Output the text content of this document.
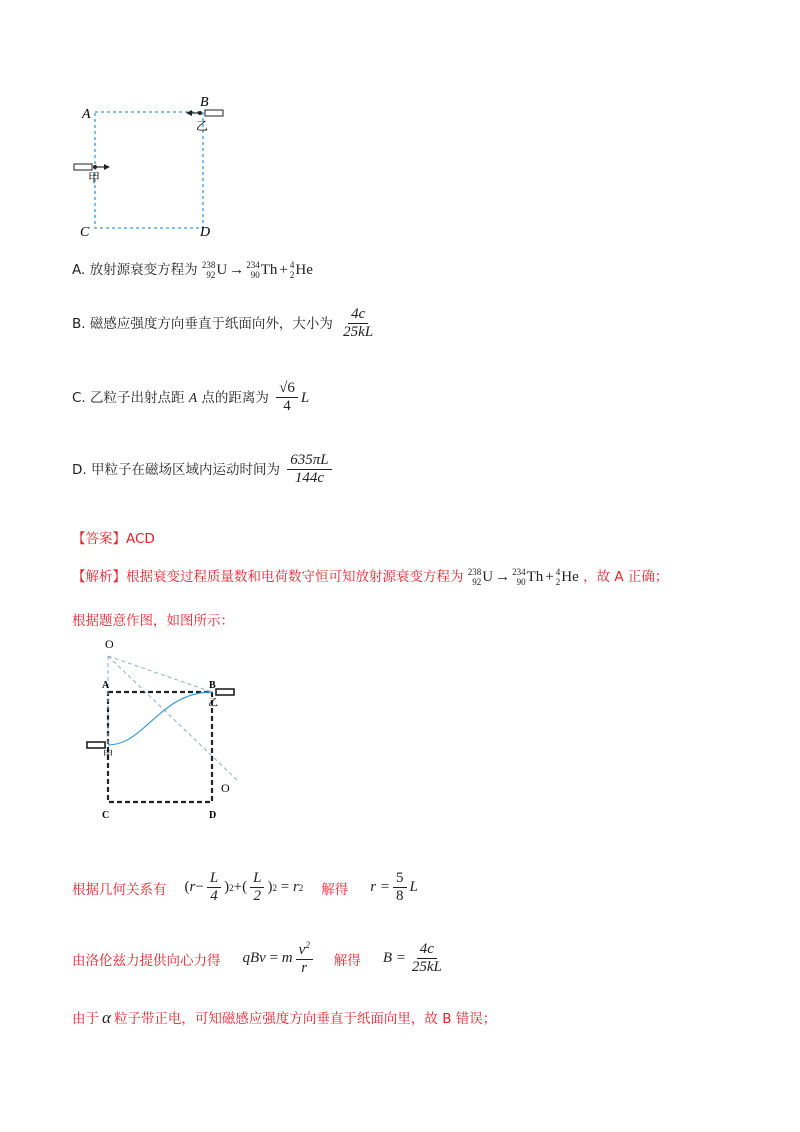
A
B
C	D
乙
甲
A. 放射源衰变方程为 238
92 U → 234
90 Th + 4
2 He
B. 磁感应强度方向垂直于纸面向外，大小为 $\frac{4c}{25kL}$
C. 乙粒子出射点距 A 点的距离为 $\frac{√6}{4}$ L
D. 甲粒子在磁场区域内运动时间为 $\frac{635\pi L}{144c}$
【答案】ACD
【解析】根据衰变过程质量数和电荷数守恒可知放射源衰变方程为 238
92 U → 234
90 Th + 4
2 He ，故 A 正确；
根据题意作图，如图所示：
O
O
A	B
C	D
乙
甲
根据几何关系有 ( $r - \frac{L}{4}$ ) 2 +( $\frac{L}{2}$ ) 2 = r 2 解得 $r = \frac{5}{8}$ L
由洛伦兹力提供向心力得 qBv = m $\frac{v^2}{r}$ 解得 $B = \frac{4c}{25kL}$
由于 α 粒子带正电，可知磁感应强度方向垂直于纸面向里，故 B 错误；
